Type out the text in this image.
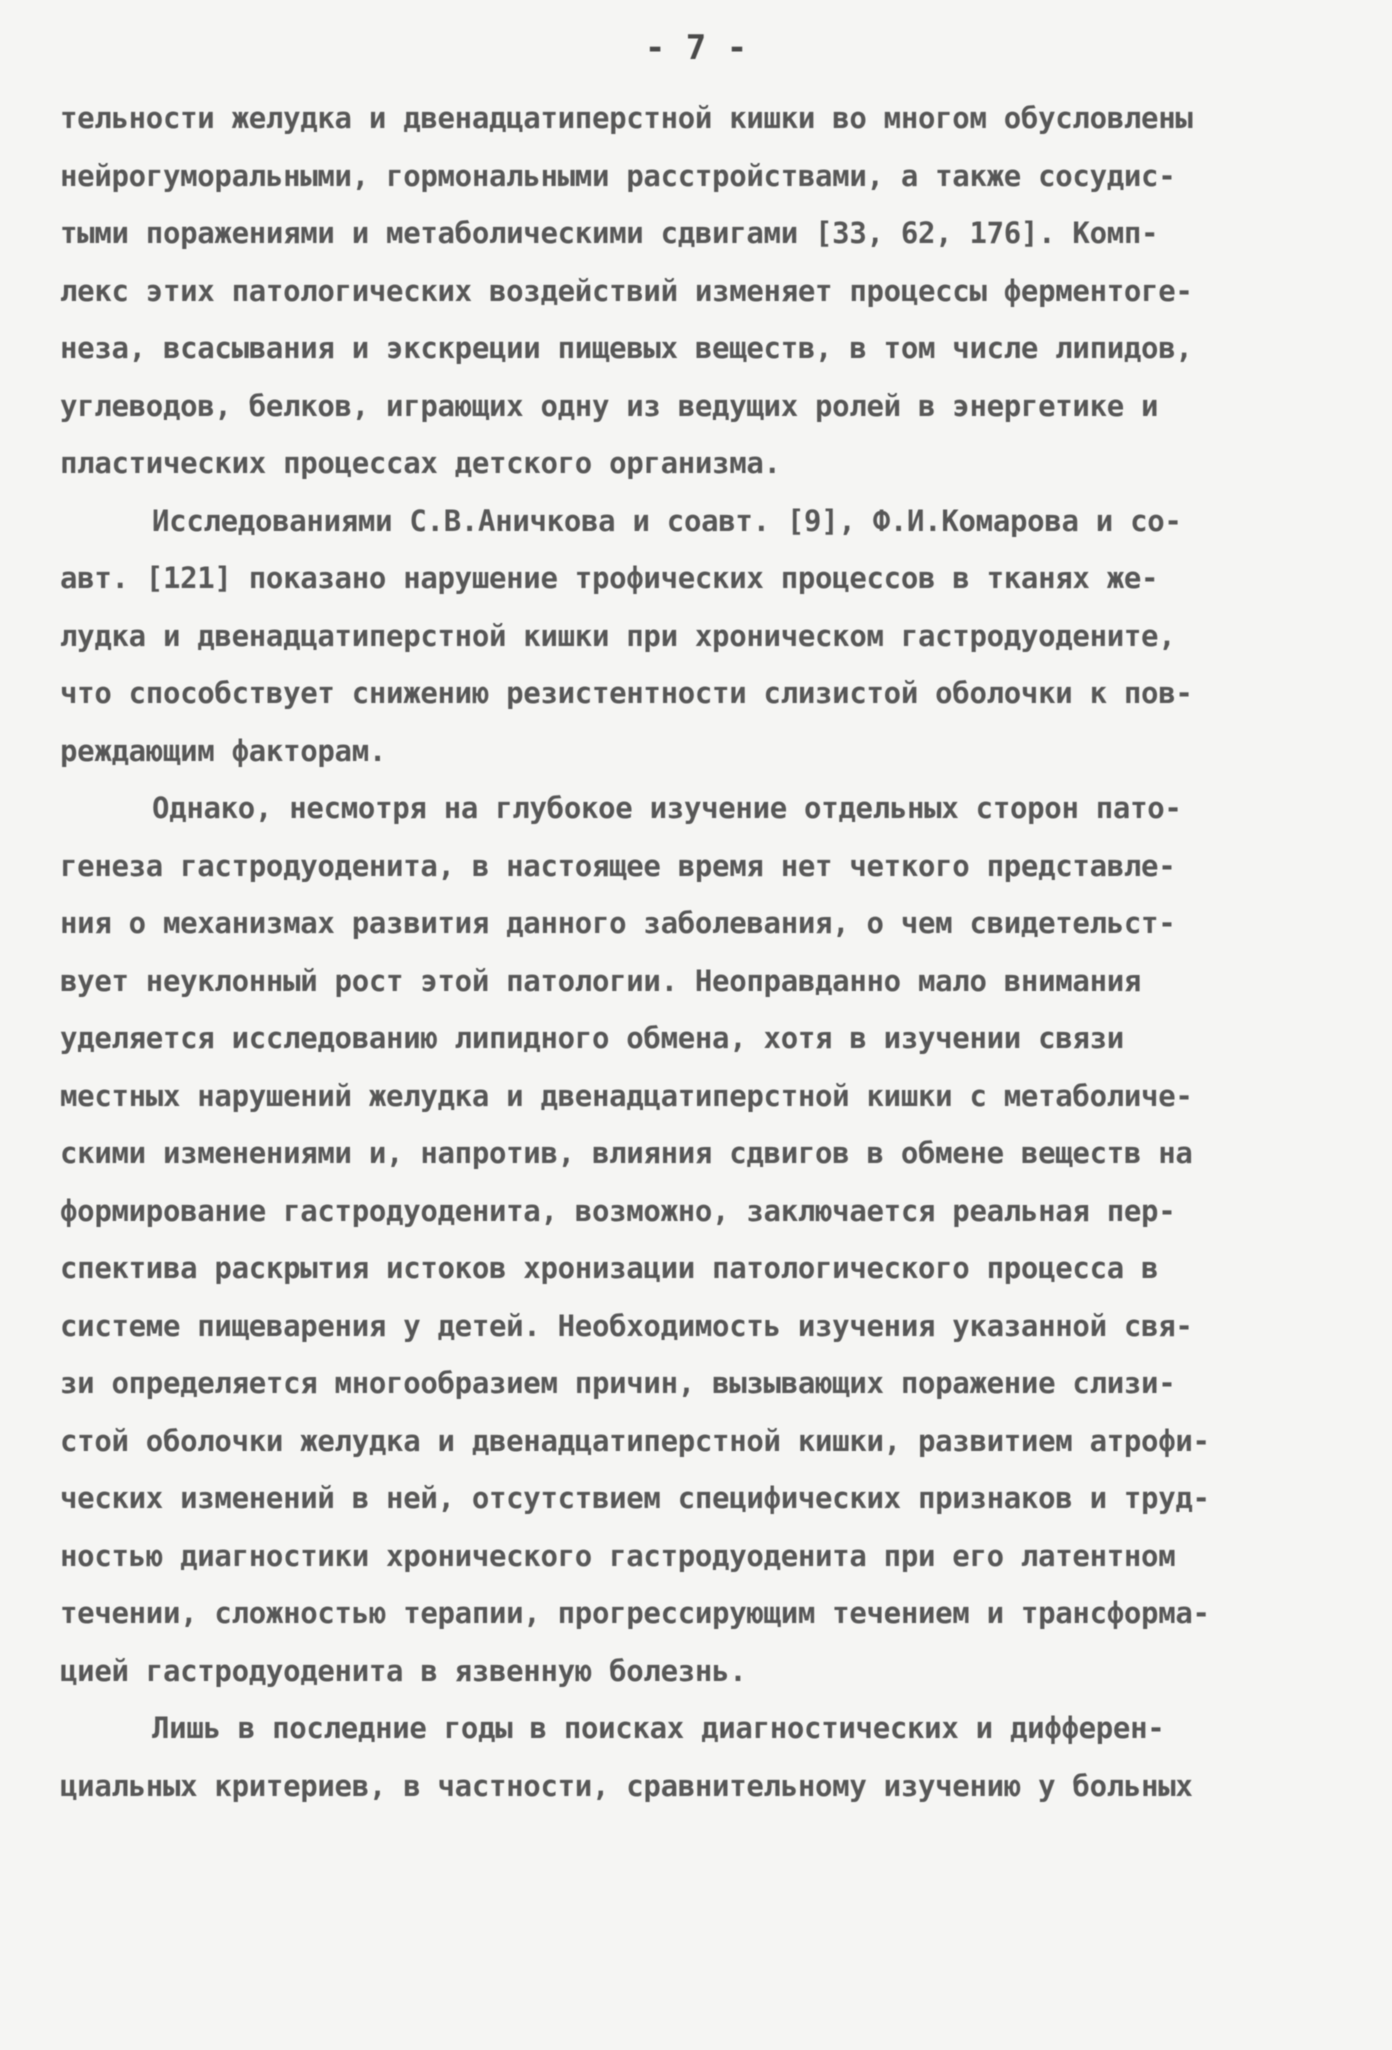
- 7 -
тельности желудка и двенадцатиперстной кишки во многом обусловлены
нейрогуморальными, гормональными расстройствами, а также сосудис-
тыми поражениями и метаболическими сдвигами [33, 62, 176]. Комп-
лекс этих патологических воздействий изменяет процессы ферментоге-
неза, всасывания и экскреции пищевых веществ, в том числе липидов,
углеводов, белков, играющих одну из ведущих ролей в энергетике и
пластических процессах детского организма.
Исследованиями С.В.Аничкова и соавт. [9], Ф.И.Комарова и со-
авт. [121] показано нарушение трофических процессов в тканях же-
лудка и двенадцатиперстной кишки при хроническом гастродуодените,
что способствует снижению резистентности слизистой оболочки к пов-
реждающим факторам.
Однако, несмотря на глубокое изучение отдельных сторон пато-
генеза гастродуоденита, в настоящее время нет четкого представле-
ния о механизмах развития данного заболевания, о чем свидетельст-
вует неуклонный рост этой патологии. Неоправданно мало внимания
уделяется исследованию липидного обмена, хотя в изучении связи
местных нарушений желудка и двенадцатиперстной кишки с метаболиче-
скими изменениями и, напротив, влияния сдвигов в обмене веществ на
формирование гастродуоденита, возможно, заключается реальная пер-
спектива раскрытия истоков хронизации патологического процесса в
системе пищеварения у детей. Необходимость изучения указанной свя-
зи определяется многообразием причин, вызывающих поражение слизи-
стой оболочки желудка и двенадцатиперстной кишки, развитием атрофи-
ческих изменений в ней, отсутствием специфических признаков и труд-
ностью диагностики хронического гастродуоденита при его латентном
течении, сложностью терапии, прогрессирующим течением и трансформа-
цией гастродуоденита в язвенную болезнь.
Лишь в последние годы в поисках диагностических и дифферен-
циальных критериев, в частности, сравнительному изучению у больных
